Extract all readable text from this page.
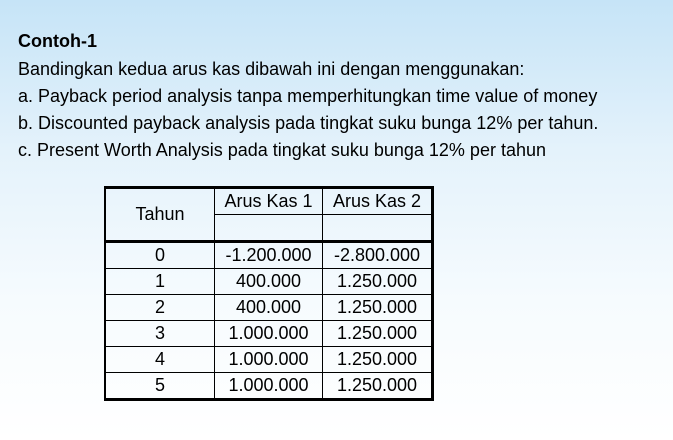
Contoh-1
Bandingkan kedua arus kas dibawah ini dengan menggunakan:
a. Payback period analysis tanpa memperhitungkan time value of money
b. Discounted payback analysis pada tingkat suku bunga 12% per tahun.
c. Present Worth Analysis pada tingkat suku bunga 12% per tahun
Tahun	Arus Kas 1	Arus Kas 2

0	-1.200.000	-2.800.000
1	400.000	1.250.000
2	400.000	1.250.000
3	1.000.000	1.250.000
4	1.000.000	1.250.000
5	1.000.000	1.250.000
